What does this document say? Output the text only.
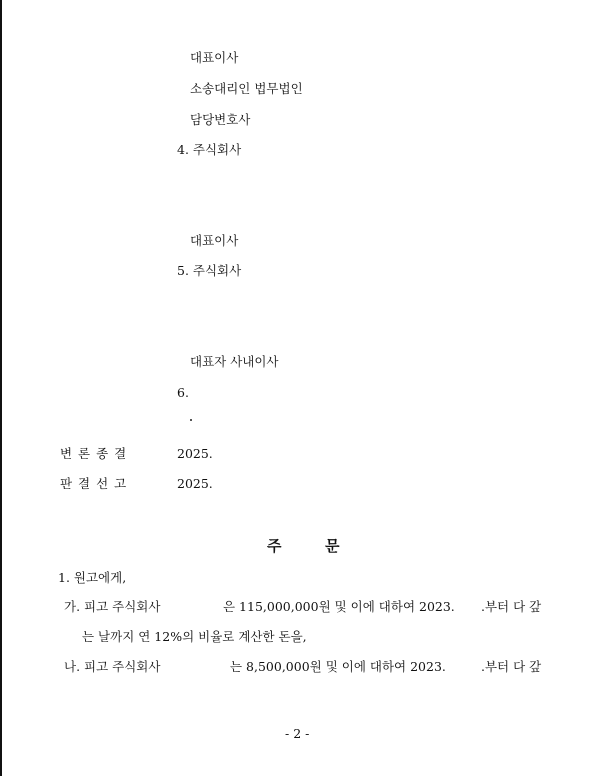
대표이사
소송대리인 법무법인
담당변호사
4. 주식회사
대표이사
5. 주식회사
대표자 사내이사
6.
변 론 종 결	2025.
판 결 선 고	2025.
주	문
1. 원고에게,
가. 피고 주식회사	은 115,000,000원 및 이에 대하여 2023. .부터 다 갚
는 날까지 연 12%의 비율로 계산한 돈을,
나. 피고 주식회사	는 8,500,000원 및 이에 대하여 2023.	.부터 다 갚
- 2 -
